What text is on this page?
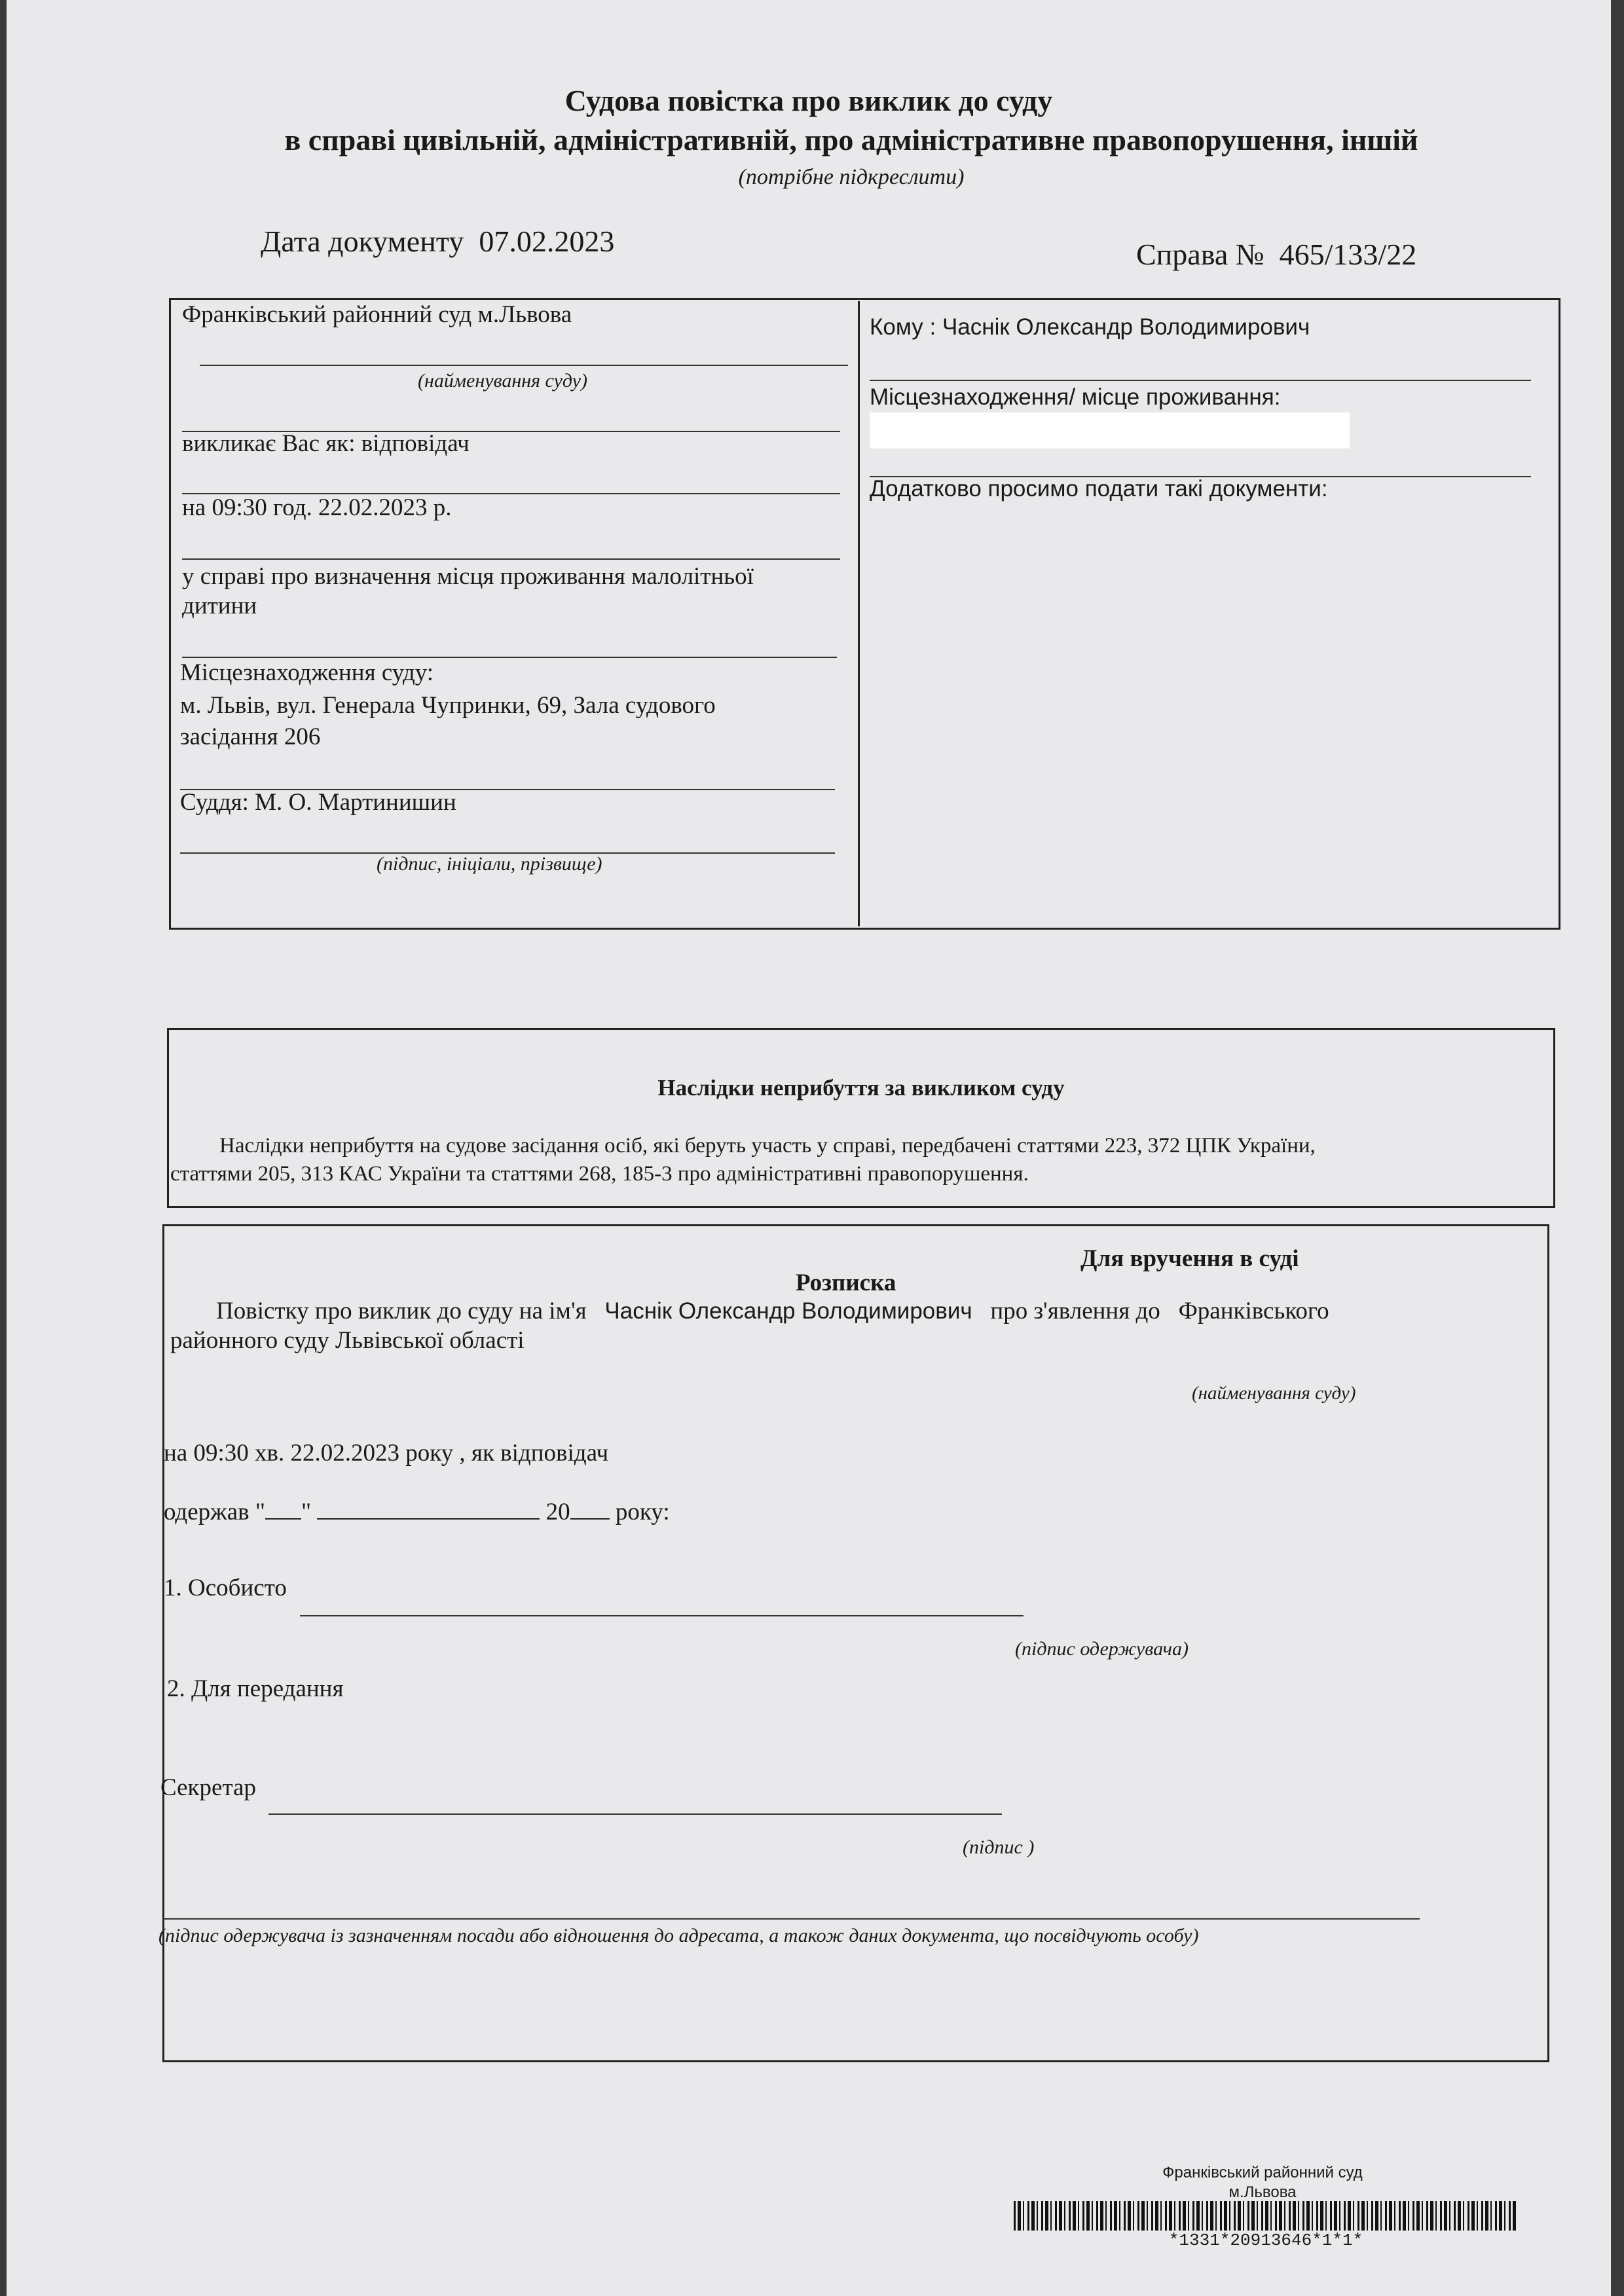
Судова повістка про виклик до суду
в справі цивільній, адміністративній, про адміністративне правопорушення, іншій
(потрібне підкреслити)
Дата документу 07.02.2023	Справа № 465/133/22
Франківський районний суд м.Львова
(найменування суду)
викликає Вас як: відповідач
на 09:30 год. 22.02.2023 р.
у справі про визначення місця проживання малолітньої
дитини
Місцезнаходження суду:
м. Львів, вул. Генерала Чупринки, 69, Зала судового
засідання 206
Суддя: М. О. Мартинишин
(підпис, ініціали, прізвище)
Кому : Часнік Олександр Володимирович
Місцезнаходження/ місце проживання:
Додатково просимо подати такі документи:
Наслідки неприбуття за викликом суду
Наслідки неприбуття на судове засідання осіб, які беруть участь у справі, передбачені статтями 223, 372 ЦПК України,
статтями 205, 313 КАС України та статтями 268, 185-3 про адміністративні правопорушення.
Для вручення в суді
Розписка
Повістку про виклик до суду на ім'я Часнік Олександр Володимирович про з'явлення до Франківського
районного суду Львівської області
(найменування суду)
на 09:30 хв. 22.02.2023 року , як відповідач
одержав " "	20 року:
1. Особисто
(підпис одержувача)
2. Для передання
Секретар
(підпис )
(підпис одержувача із зазначенням посади або відношення до адресата, а також даних документа, що посвідчують особу)
Франківський районний суд
м.Львова
*1331*20913646*1*1*
